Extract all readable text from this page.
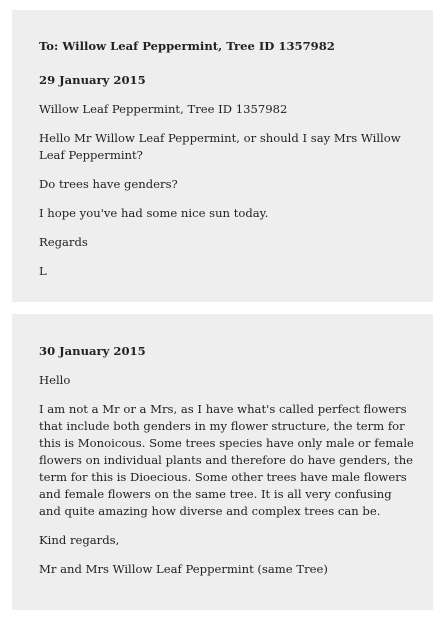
To: Willow Leaf Peppermint, Tree ID 1357982

29 January 2015

Willow Leaf Peppermint, Tree ID 1357982

Hello Mr Willow Leaf Peppermint, or should I say Mrs Willow Leaf Peppermint?

Do trees have genders?

I hope you've had some nice sun today.

Regards

L

30 January 2015

Hello

I am not a Mr or a Mrs, as I have what's called perfect flowers that include both genders in my flower structure, the term for this is Monoicous. Some trees species have only male or female flowers on individual plants and therefore do have genders, the term for this is Dioecious. Some other trees have male flowers and female flowers on the same tree. It is all very confusing and quite amazing how diverse and complex trees can be.

Kind regards,

Mr and Mrs Willow Leaf Peppermint (same Tree)
